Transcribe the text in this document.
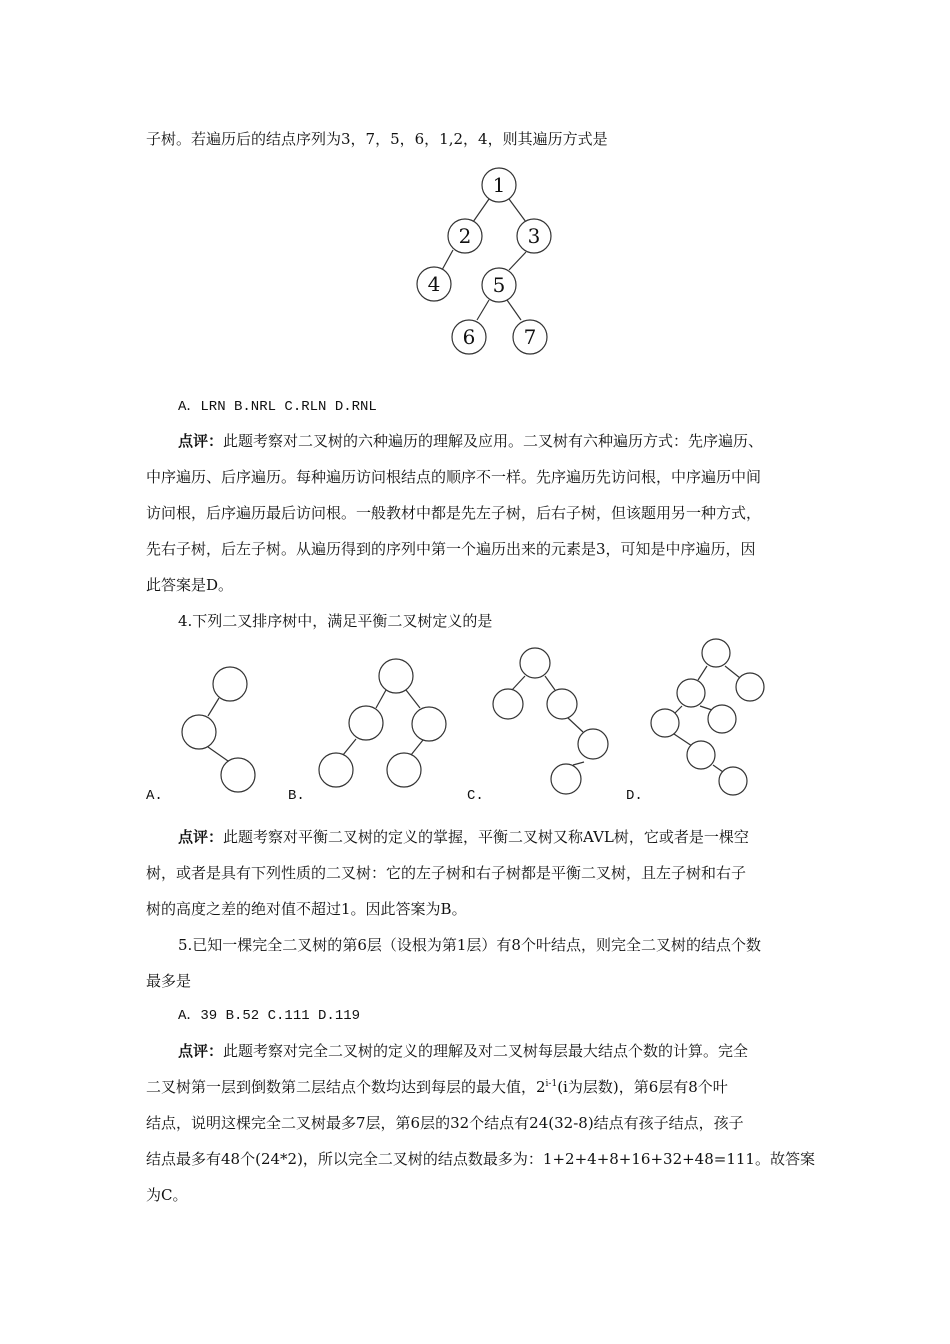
子树。若遍历后的结点序列为3，7，5，6，1,2，4，则其遍历方式是
1
2	3
4	5
6 7
A．LRN B.NRL C.RLN D.RNL
点评：此题考察对二叉树的六种遍历的理解及应用。二叉树有六种遍历方式：先序遍历、
中序遍历、后序遍历。每种遍历访问根结点的顺序不一样。先序遍历先访问根，中序遍历中间
访问根，后序遍历最后访问根。一般教材中都是先左子树，后右子树，但该题用另一种方式，
先右子树，后左子树。从遍历得到的序列中第一个遍历出来的元素是3，可知是中序遍历，因
此答案是D。
4.下列二叉排序树中，满足平衡二叉树定义的是
A.	B.	C.	D.
点评：此题考察对平衡二叉树的定义的掌握，平衡二叉树又称AVL树，它或者是一棵空
树，或者是具有下列性质的二叉树：它的左子树和右子树都是平衡二叉树，且左子树和右子
树的高度之差的绝对值不超过1。因此答案为B。
5.已知一棵完全二叉树的第6层（设根为第1层）有8个叶结点，则完全二叉树的结点个数
最多是
A．39 B.52 C.111 D.119
点评：此题考察对完全二叉树的定义的理解及对二叉树每层最大结点个数的计算。完全
二叉树第一层到倒数第二层结点个数均达到每层的最大值，2$^{i-1}$(i为层数)，第6层有8个叶
结点，说明这棵完全二叉树最多7层，第6层的32个结点有24(32-8)结点有孩子结点，孩子
结点最多有48个(24*2)，所以完全二叉树的结点数最多为：1+2+4+8+16+32+48=111。故答案
为C。
